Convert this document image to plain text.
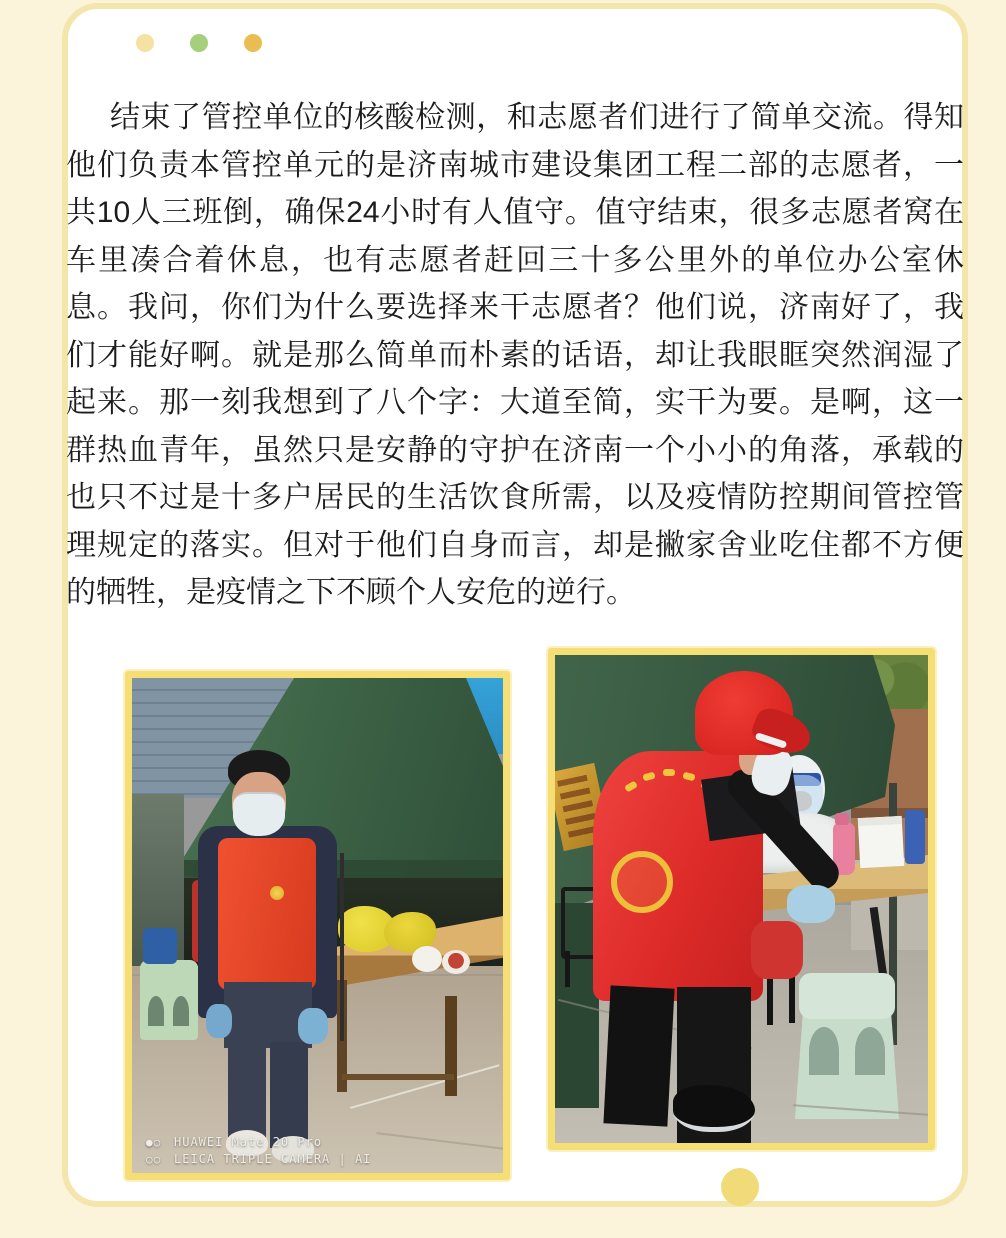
结束了管控单位的核酸检测，和志愿者们进行了简单交流。得知他们负责本管控单元的是济南城市建设集团工程二部的志愿者，一共10人三班倒，确保24小时有人值守。值守结束，很多志愿者窝在车里凑合着休息，也有志愿者赶回三十多公里外的单位办公室休息。我问，你们为什么要选择来干志愿者？他们说，济南好了，我们才能好啊。就是那么简单而朴素的话语，却让我眼眶突然润湿了起来。那一刻我想到了八个字：大道至简，实干为要。是啊，这一群热血青年，虽然只是安静的守护在济南一个小小的角落，承载的也只不过是十多户居民的生活饮食所需，以及疫情防控期间管控管理规定的落实。但对于他们自身而言，却是撇家舍业吃住都不方便的牺牲，是疫情之下不顾个人安危的逆行。

●○ HUAWEI Mate 20 Pro
○○ LEICA TRIPLE CAMERA | AI
